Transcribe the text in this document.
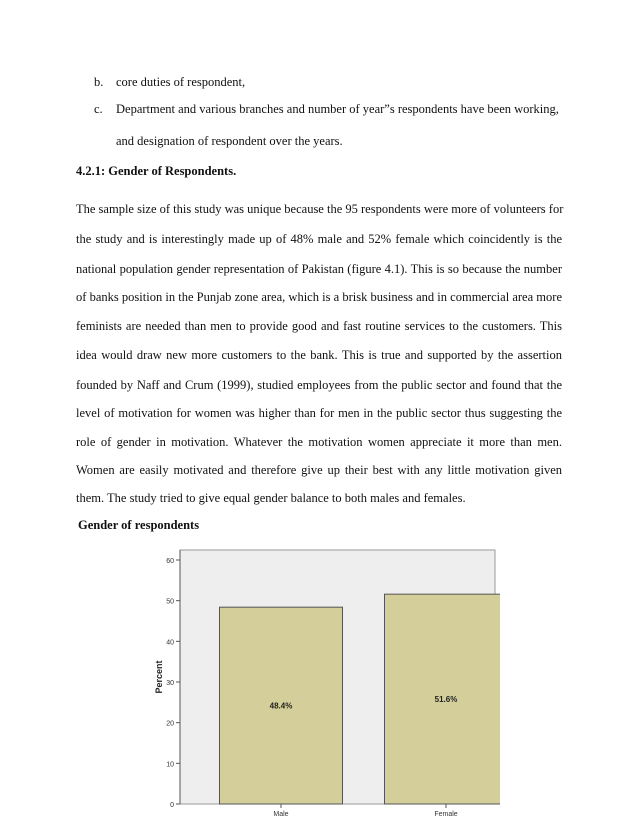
b. core duties of respondent,
c. Department and various branches and number of year”s respondents have been working,
and designation of respondent over the years.
4.2.1: Gender of Respondents.
The sample size of this study was unique because the 95 respondents were more of volunteers for
the study and is interestingly made up of 48% male and 52% female which coincidently is the
national population gender representation of Pakistan (figure 4.1). This is so because the number
of banks position in the Punjab zone area, which is a brisk business and in commercial area more
feminists are needed than men to provide good and fast routine services to the customers. This
idea would draw new more customers to the bank. This is true and supported by the assertion
founded by Naff and Crum (1999), studied employees from the public sector and found that the
level of motivation for women was higher than for men in the public sector thus suggesting the
role of gender in motivation. Whatever the motivation women appreciate it more than men.
Women are easily motivated and therefore give up their best with any little motivation given
them. The study tried to give equal gender balance to both males and females.
Gender of respondents
0
10
20
30
40
50
60
Percent
48.4%
Male
51.6%
Female
